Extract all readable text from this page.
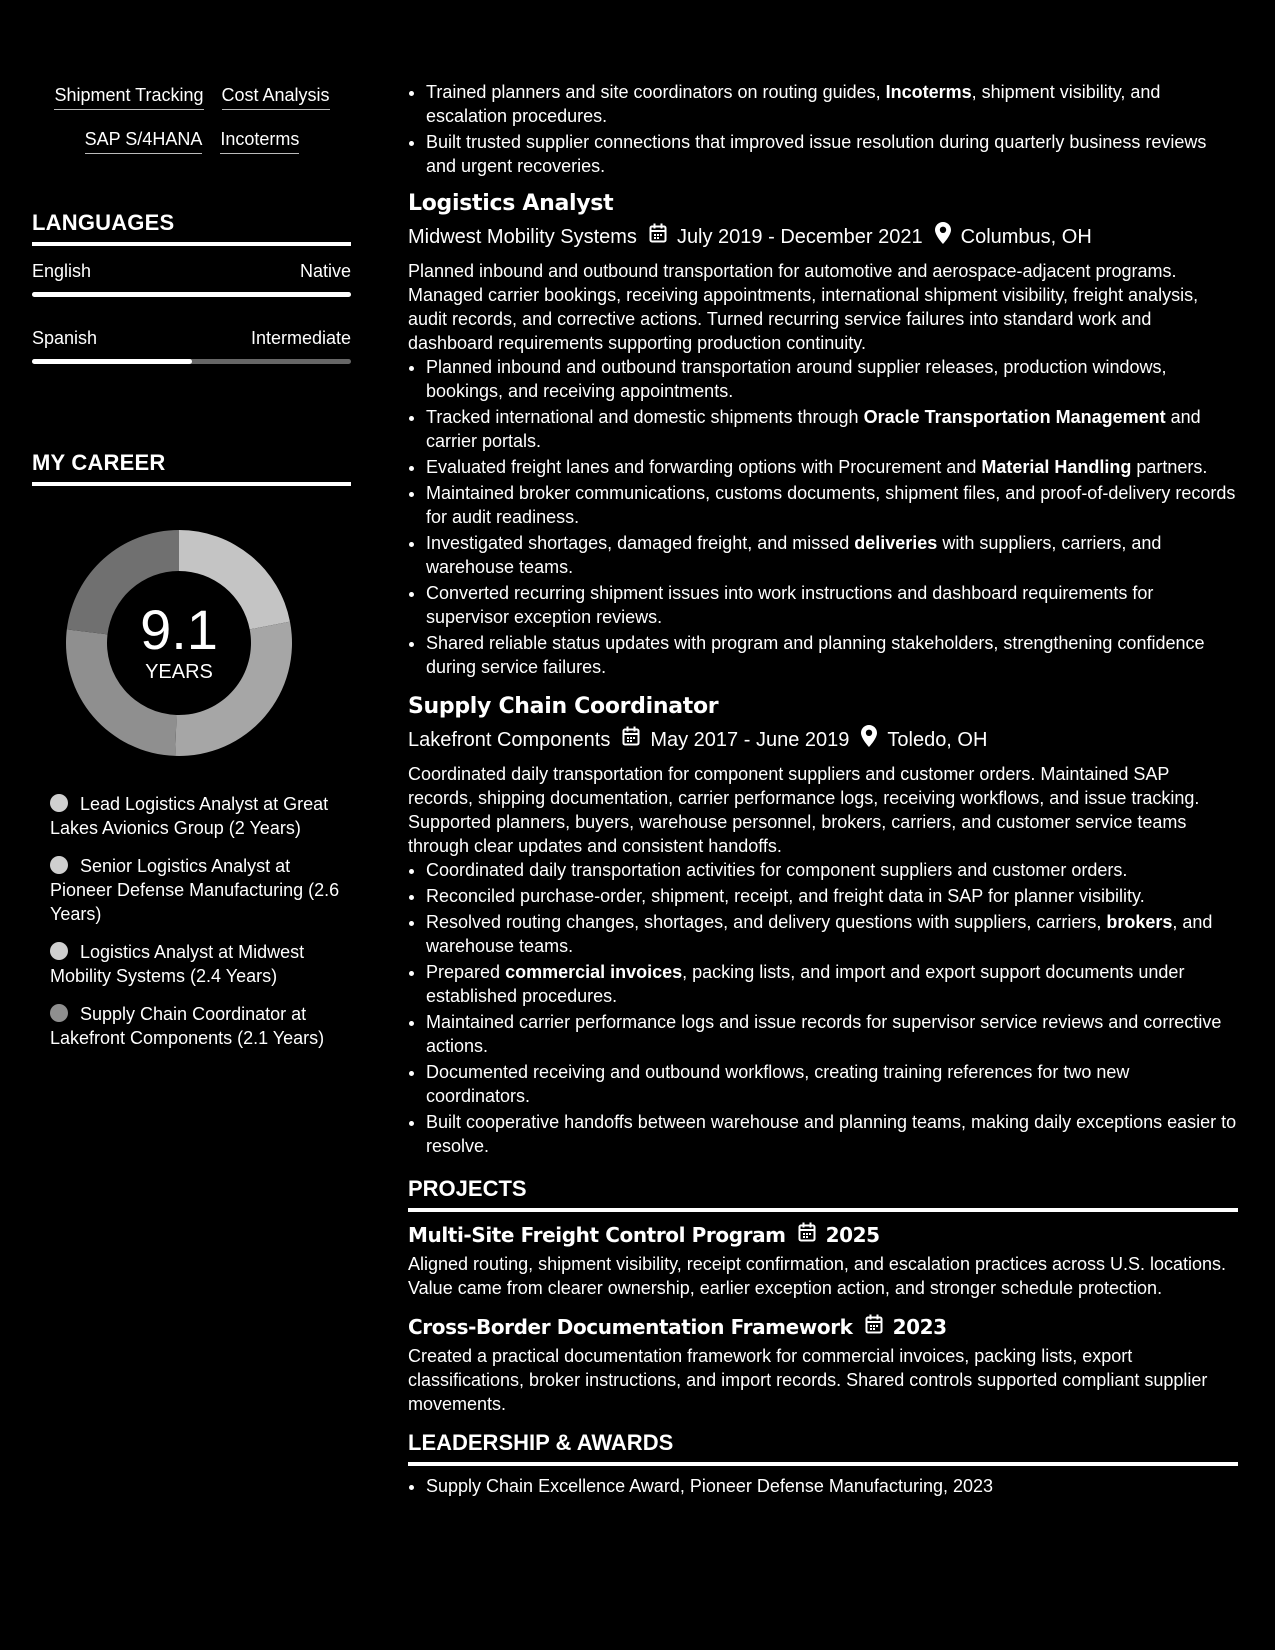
Shipment Tracking Cost Analysis
SAP S/4HANA Incoterms
LANGUAGES
English	Native
Spanish	Intermediate
MY CAREER
9.1
YEARS
Lead Logistics Analyst at Great Lakes Avionics Group (2 Years)
Senior Logistics Analyst at Pioneer Defense Manufacturing (2.6 Years)
Logistics Analyst at Midwest Mobility Systems (2.4 Years)
Supply Chain Coordinator at Lakefront Components (2.1 Years)
• Trained planners and site coordinators on routing guides, Incoterms, shipment visibility, and escalation procedures.
• Built trusted supplier connections that improved issue resolution during quarterly business reviews and urgent recoveries.
Logistics Analyst
Midwest Mobility Systems July 2019 - December 2021 Columbus, OH
Planned inbound and outbound transportation for automotive and aerospace-adjacent programs. Managed carrier bookings, receiving appointments, international shipment visibility, freight analysis, audit records, and corrective actions. Turned recurring service failures into standard work and dashboard requirements supporting production continuity.
• Planned inbound and outbound transportation around supplier releases, production windows, bookings, and receiving appointments.
• Tracked international and domestic shipments through Oracle Transportation Management and carrier portals.
• Evaluated freight lanes and forwarding options with Procurement and Material Handling partners.
• Maintained broker communications, customs documents, shipment files, and proof-of-delivery records for audit readiness.
• Investigated shortages, damaged freight, and missed deliveries with suppliers, carriers, and warehouse teams.
• Converted recurring shipment issues into work instructions and dashboard requirements for supervisor exception reviews.
• Shared reliable status updates with program and planning stakeholders, strengthening confidence during service failures.
Supply Chain Coordinator
Lakefront Components May 2017 - June 2019 Toledo, OH
Coordinated daily transportation for component suppliers and customer orders. Maintained SAP records, shipping documentation, carrier performance logs, receiving workflows, and issue tracking. Supported planners, buyers, warehouse personnel, brokers, carriers, and customer service teams through clear updates and consistent handoffs.
• Coordinated daily transportation activities for component suppliers and customer orders.
• Reconciled purchase-order, shipment, receipt, and freight data in SAP for planner visibility.
• Resolved routing changes, shortages, and delivery questions with suppliers, carriers, brokers, and warehouse teams.
• Prepared commercial invoices, packing lists, and import and export support documents under established procedures.
• Maintained carrier performance logs and issue records for supervisor service reviews and corrective actions.
• Documented receiving and outbound workflows, creating training references for two new coordinators.
• Built cooperative handoffs between warehouse and planning teams, making daily exceptions easier to resolve.
PROJECTS
Multi-Site Freight Control Program 2025
Aligned routing, shipment visibility, receipt confirmation, and escalation practices across U.S. locations. Value came from clearer ownership, earlier exception action, and stronger schedule protection.
Cross-Border Documentation Framework 2023
Created a practical documentation framework for commercial invoices, packing lists, export classifications, broker instructions, and import records. Shared controls supported compliant supplier movements.
LEADERSHIP & AWARDS
• Supply Chain Excellence Award, Pioneer Defense Manufacturing, 2023
